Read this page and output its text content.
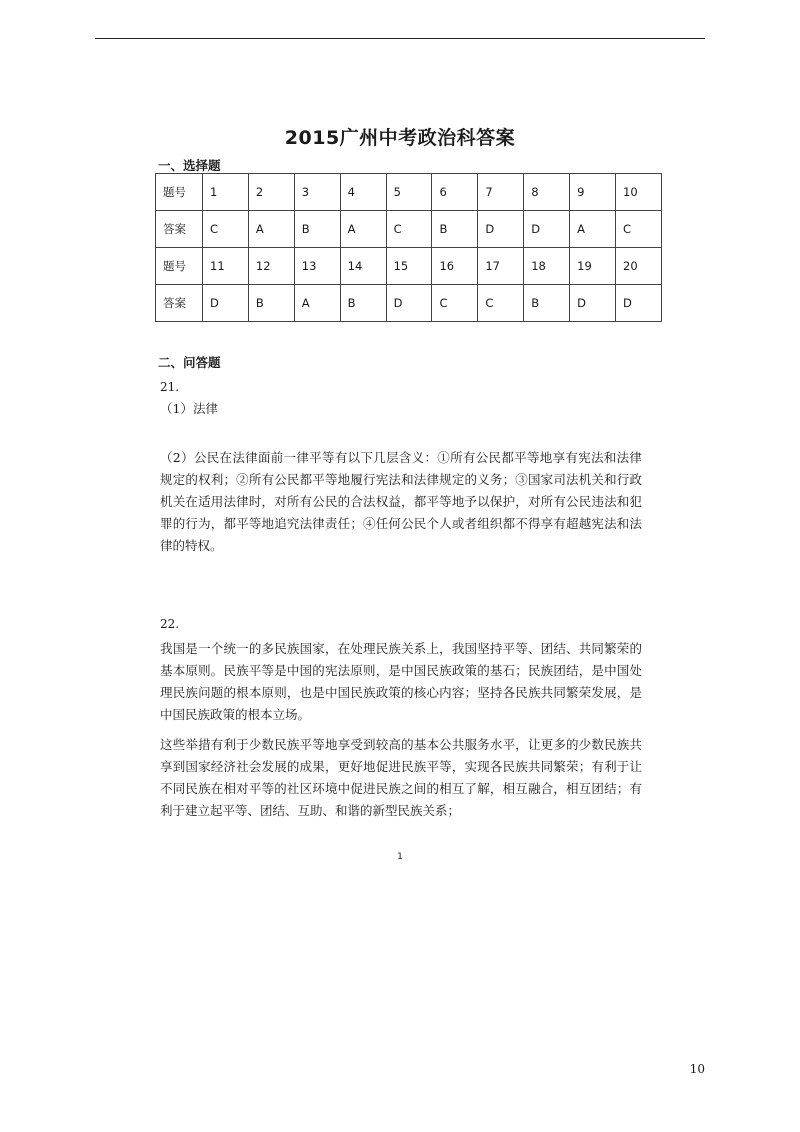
2015广州中考政治科答案
一、选择题
题号	1	2	3	4	5	6	7	8	9	10
答案	C	A	B	A	C	B	D	D	A	C
题号	11	12	13	14	15	16	17	18	19	20
答案	D	B	A	B	D	C	C	B	D	D
二、问答题
21.

（1）法律

（2）公民在法律面前一律平等有以下几层含义：①所有公民都平等地享有宪法和法律规定的权利；②所有公民都平等地履行宪法和法律规定的义务；③国家司法机关和行政机关在适用法律时，对所有公民的合法权益，都平等地予以保护，对所有公民违法和犯罪的行为，都平等地追究法律责任；④任何公民个人或者组织都不得享有超越宪法和法律的特权。

22.

我国是一个统一的多民族国家，在处理民族关系上，我国坚持平等、团结、共同繁荣的基本原则。民族平等是中国的宪法原则，是中国民族政策的基石；民族团结，是中国处理民族问题的根本原则，也是中国民族政策的核心内容；坚持各民族共同繁荣发展，是中国民族政策的根本立场。

这些举措有利于少数民族平等地享受到较高的基本公共服务水平，让更多的少数民族共享到国家经济社会发展的成果，更好地促进民族平等，实现各民族共同繁荣；有利于让不同民族在相对平等的社区环境中促进民族之间的相互了解，相互融合，相互团结；有利于建立起平等、团结、互助、和谐的新型民族关系；

1
10
